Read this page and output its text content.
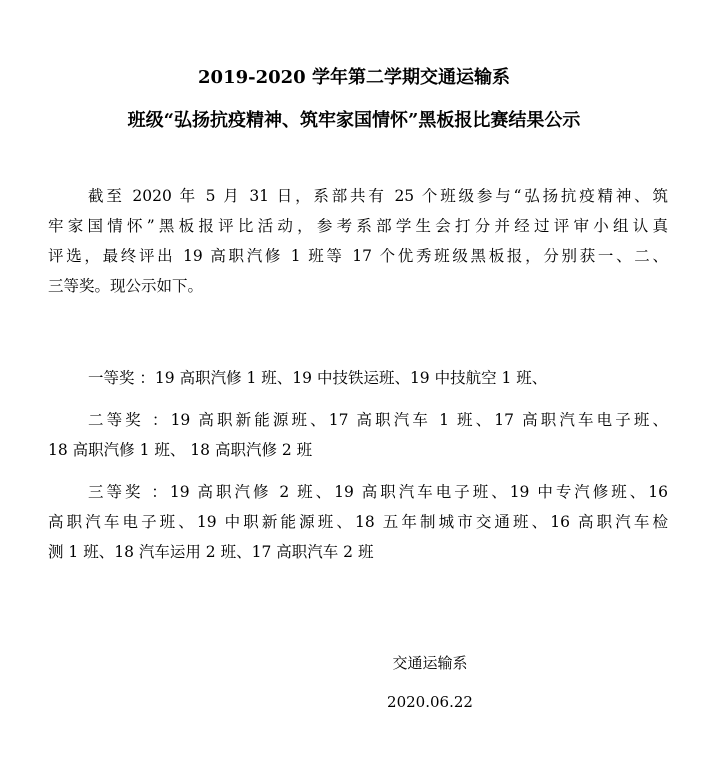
2019-2020 学年第二学期交通运输系
班级“弘扬抗疫精神、筑牢家国情怀”黑板报比赛结果公示
截至 2020 年 5 月 31 日，系部共有 25 个班级参与“弘扬抗疫精神、筑
牢家国情怀”黑板报评比活动，参考系部学生会打分并经过评审小组认真
评选，最终评出 19 高职汽修 1 班等 17 个优秀班级黑板报，分别获一、二、
三等奖。现公示如下。
一等奖 ：19 高职汽修 1 班、19 中技铁运班、19 中技航空 1 班、
二等奖 ：19 高职新能源班、17 高职汽车 1 班、17 高职汽车电子班、
18 高职汽修 1 班、 18 高职汽修 2 班
三等奖 ：19 高职汽修 2 班、19 高职汽车电子班、19 中专汽修班、16
高职汽车电子班、19 中职新能源班、18 五年制城市交通班、16 高职汽车检
测 1 班、18 汽车运用 2 班、17 高职汽车 2 班
交通运输系
2020.06.22
